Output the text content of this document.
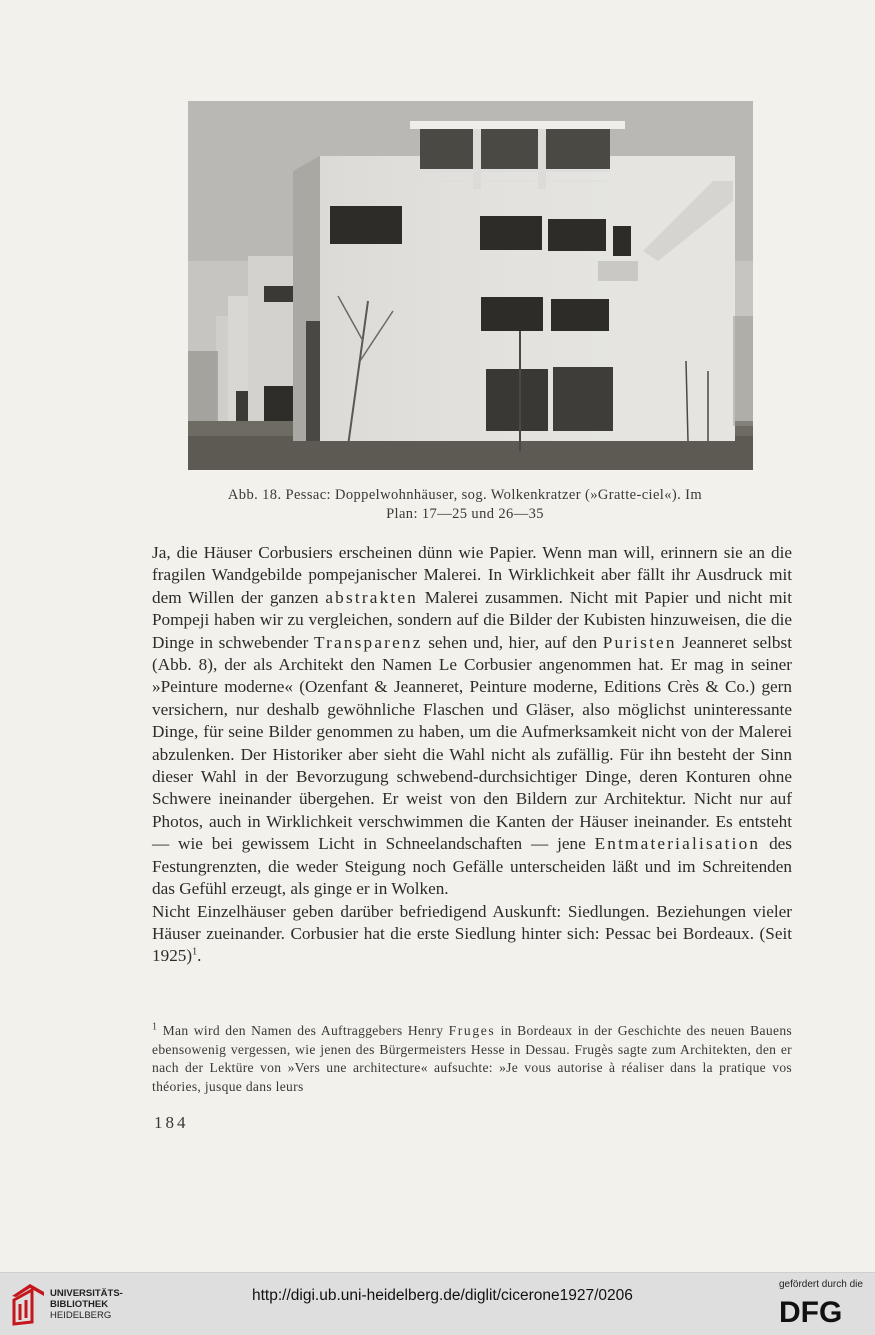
Abb. 18. Pessac: Doppelwohnhäuser, sog. Wolkenkratzer (»Gratte-ciel«). Im
Plan: 17—25 und 26—35

Ja, die Häuser Corbusiers erscheinen dünn wie Papier. Wenn man will, erinnern sie an die fragilen Wandgebilde pompejanischer Malerei. In Wirklichkeit aber fällt ihr Ausdruck mit dem Willen der ganzen abstrakten Malerei zusammen. Nicht mit Papier und nicht mit Pompeji haben wir zu vergleichen, sondern auf die Bilder der Kubisten hinzuweisen, die die Dinge in schwebender Transparenz sehen und, hier, auf den Puristen Jeanneret selbst (Abb. 8), der als Architekt den Namen Le Corbusier angenommen hat. Er mag in seiner »Peinture moderne« (Ozenfant & Jeanneret, Peinture moderne, Editions Crès & Co.) gern versichern, nur deshalb gewöhnliche Flaschen und Gläser, also möglichst uninteressante Dinge, für seine Bilder genommen zu haben, um die Aufmerksamkeit nicht von der Malerei abzulenken. Der Historiker aber sieht die Wahl nicht als zufällig. Für ihn besteht der Sinn dieser Wahl in der Bevorzugung schwebend-durchsichtiger Dinge, deren Konturen ohne Schwere ineinander übergehen. Er weist von den Bildern zur Architektur. Nicht nur auf Photos, auch in Wirklichkeit verschwimmen die Kanten der Häuser ineinander. Es entsteht — wie bei gewissem Licht in Schneelandschaften — jene Entmaterialisation des Festungrenzten, die weder Steigung noch Gefälle unterscheiden läßt und im Schreitenden das Gefühl erzeugt, als ginge er in Wolken.

Nicht Einzelhäuser geben darüber befriedigend Auskunft: Siedlungen. Beziehungen vieler Häuser zueinander. Corbusier hat die erste Siedlung hinter sich: Pessac bei Bordeaux. (Seit 1925)$^1$.

$^1$ Man wird den Namen des Auftraggebers Henry Fruges in Bordeaux in der Geschichte des neuen Bauens ebensowenig vergessen, wie jenen des Bürgermeisters Hesse in Dessau. Frugès sagte zum Architekten, den er nach der Lektüre von »Vers une architecture« aufsuchte: »Je vous autorise à réaliser dans la pratique vos théories, jusque dans leurs
184
UNIVERSITÄTS-
BIBLIOTHEK
HEIDELBERG
http://digi.ub.uni-heidelberg.de/diglit/cicerone1927/0206
gefördert durch die
DFG
